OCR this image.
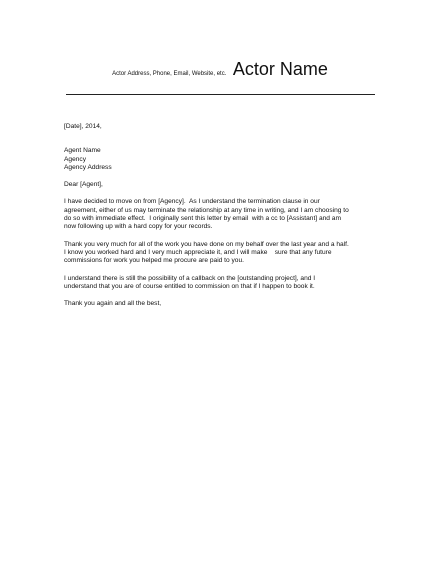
Actor Address, Phone, Email, Website, etc. Actor Name

[Date], 2014,

Agent Name
Agency
Agency Address

Dear [Agent],

I have decided to move on from [Agency].  As I understand the termination clause in our
agreement, either of us may terminate the relationship at any time in writing, and I am choosing to
do so with immediate effect.  I originally sent this letter by email  with a cc to [Assistant] and am
now following up with a hard copy for your records.
Thank you very much for all of the work you have done on my behalf over the last year and a half.
I know you worked hard and I very much appreciate it, and I will make    sure that any future
commissions for work you helped me procure are paid to you.
I understand there is still the possibility of a callback on the [outstanding project], and I
understand that you are of course entitled to commission on that if I happen to book it.
Thank you again and all the best,
